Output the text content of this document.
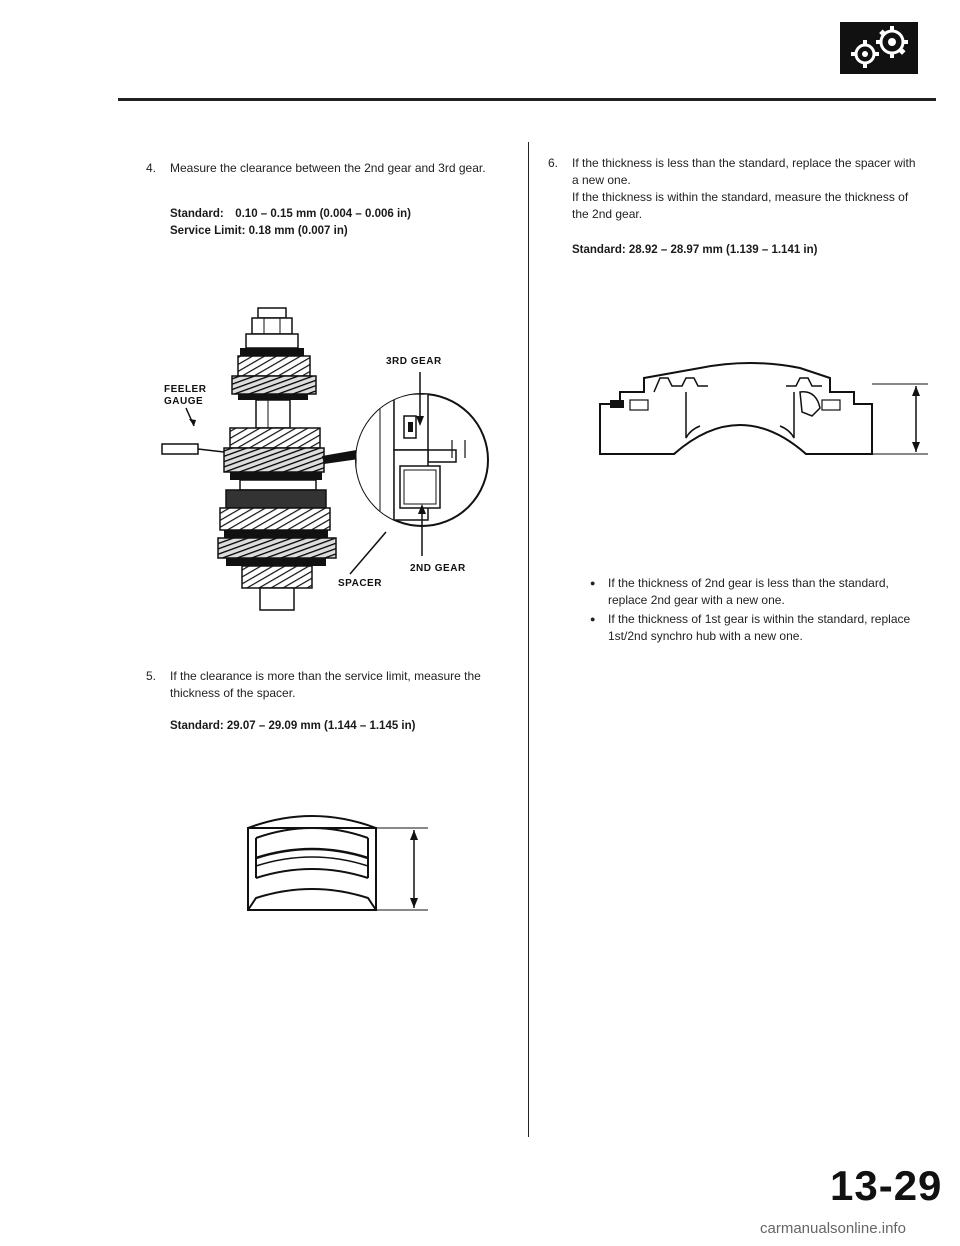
4. Measure the clearance between the 2nd gear and 3rd gear.
Standard: 0.10 – 0.15 mm (0.004 – 0.006 in)
Service Limit: 0.18 mm (0.007 in)
3RD GEAR
FEELER
GAUGE
SPACER
2ND GEAR
5. If the clearance is more than the service limit, measure the thickness of the spacer.
Standard: 29.07 – 29.09 mm (1.144 – 1.145 in)
6. If the thickness is less than the standard, replace the spacer with a new one.
If the thickness is within the standard, measure the thickness of the 2nd gear.
Standard: 28.92 – 28.97 mm (1.139 – 1.141 in)
● If the thickness of 2nd gear is less than the standard, replace 2nd gear with a new one.
● If the thickness of 1st gear is within the standard, replace 1st/2nd synchro hub with a new one.
13-29
carmanualsonline.info
